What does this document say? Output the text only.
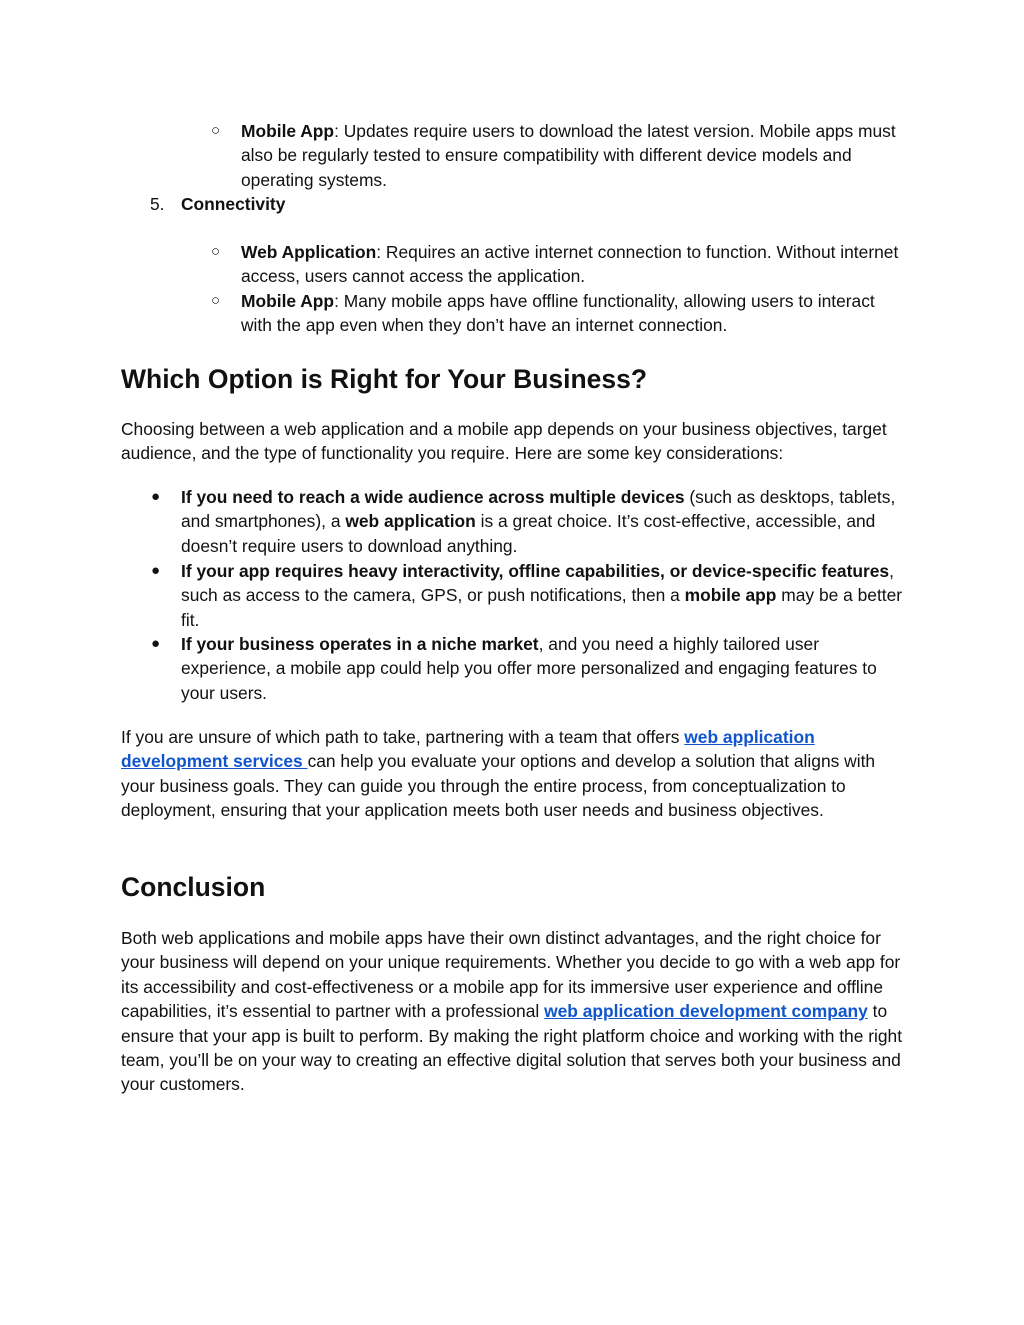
○ Mobile App: Updates require users to download the latest version. Mobile apps must also be regularly tested to ensure compatibility with different device models and operating systems.

5. Connectivity
○ Web Application: Requires an active internet connection to function. Without internet access, users cannot access the application.

○ Mobile App: Many mobile apps have offline functionality, allowing users to interact with the app even when they don’t have an internet connection.

Which Option is Right for Your Business?

Choosing between a web application and a mobile app depends on your business objectives, target audience, and the type of functionality you require. Here are some key considerations:

● If you need to reach a wide audience across multiple devices (such as desktops, tablets, and smartphones), a web application is a great choice. It’s cost-effective, accessible, and doesn’t require users to download anything.

● If your app requires heavy interactivity, offline capabilities, or device-specific features, such as access to the camera, GPS, or push notifications, then a mobile app may be a better fit.

● If your business operates in a niche market, and you need a highly tailored user experience, a mobile app could help you offer more personalized and engaging features to your users.

If you are unsure of which path to take, partnering with a team that offers web application development services can help you evaluate your options and develop a solution that aligns with your business goals. They can guide you through the entire process, from conceptualization to deployment, ensuring that your application meets both user needs and business objectives.

Conclusion

Both web applications and mobile apps have their own distinct advantages, and the right choice for your business will depend on your unique requirements. Whether you decide to go with a web app for its accessibility and cost-effectiveness or a mobile app for its immersive user experience and offline capabilities, it’s essential to partner with a professional web application development company to ensure that your app is built to perform. By making the right platform choice and working with the right team, you’ll be on your way to creating an effective digital solution that serves both your business and your customers.
